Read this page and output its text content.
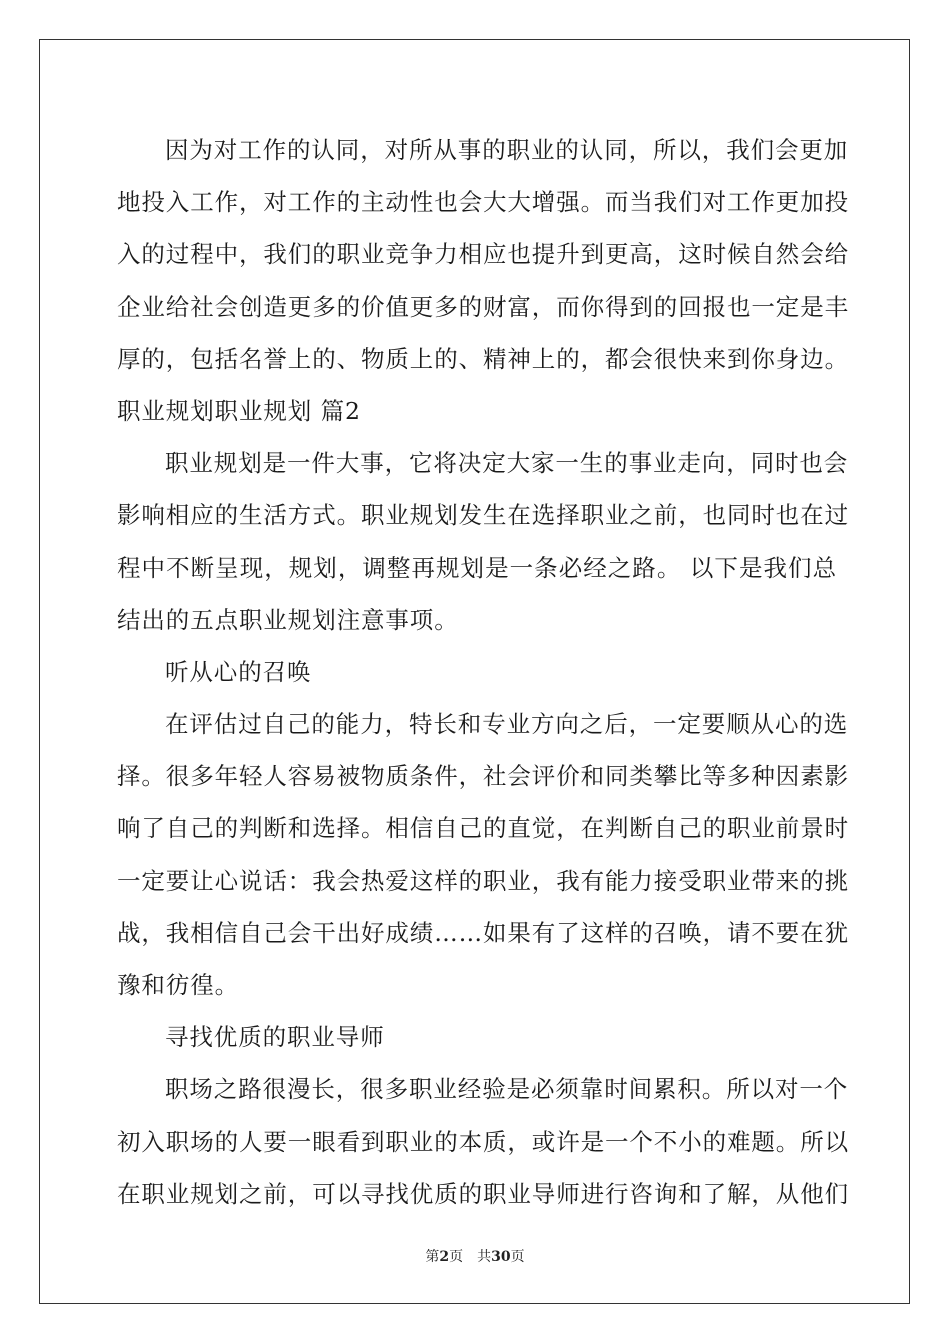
因为对工作的认同，对所从事的职业的认同，所以，我们会更加
地投入工作，对工作的主动性也会大大增强。而当我们对工作更加投
入的过程中，我们的职业竞争力相应也提升到更高，这时候自然会给
企业给社会创造更多的价值更多的财富，而你得到的回报也一定是丰
厚的，包括名誉上的、物质上的、精神上的，都会很快来到你身边。
职业规划职业规划 篇2
职业规划是一件大事，它将决定大家一生的事业走向，同时也会
影响相应的生活方式。职业规划发生在选择职业之前，也同时也在过
程中不断呈现，规划，调整再规划是一条必经之路。 以下是我们总
结出的五点职业规划注意事项。
听从心的召唤
在评估过自己的能力，特长和专业方向之后，一定要顺从心的选
择。很多年轻人容易被物质条件，社会评价和同类攀比等多种因素影
响了自己的判断和选择。相信自己的直觉，在判断自己的职业前景时
一定要让心说话：我会热爱这样的职业，我有能力接受职业带来的挑
战，我相信自己会干出好成绩……如果有了这样的召唤，请不要在犹
豫和彷徨。
寻找优质的职业导师
职场之路很漫长，很多职业经验是必须靠时间累积。所以对一个
初入职场的人要一眼看到职业的本质，或许是一个不小的难题。所以
在职业规划之前，可以寻找优质的职业导师进行咨询和了解，从他们
第2页 共30页
